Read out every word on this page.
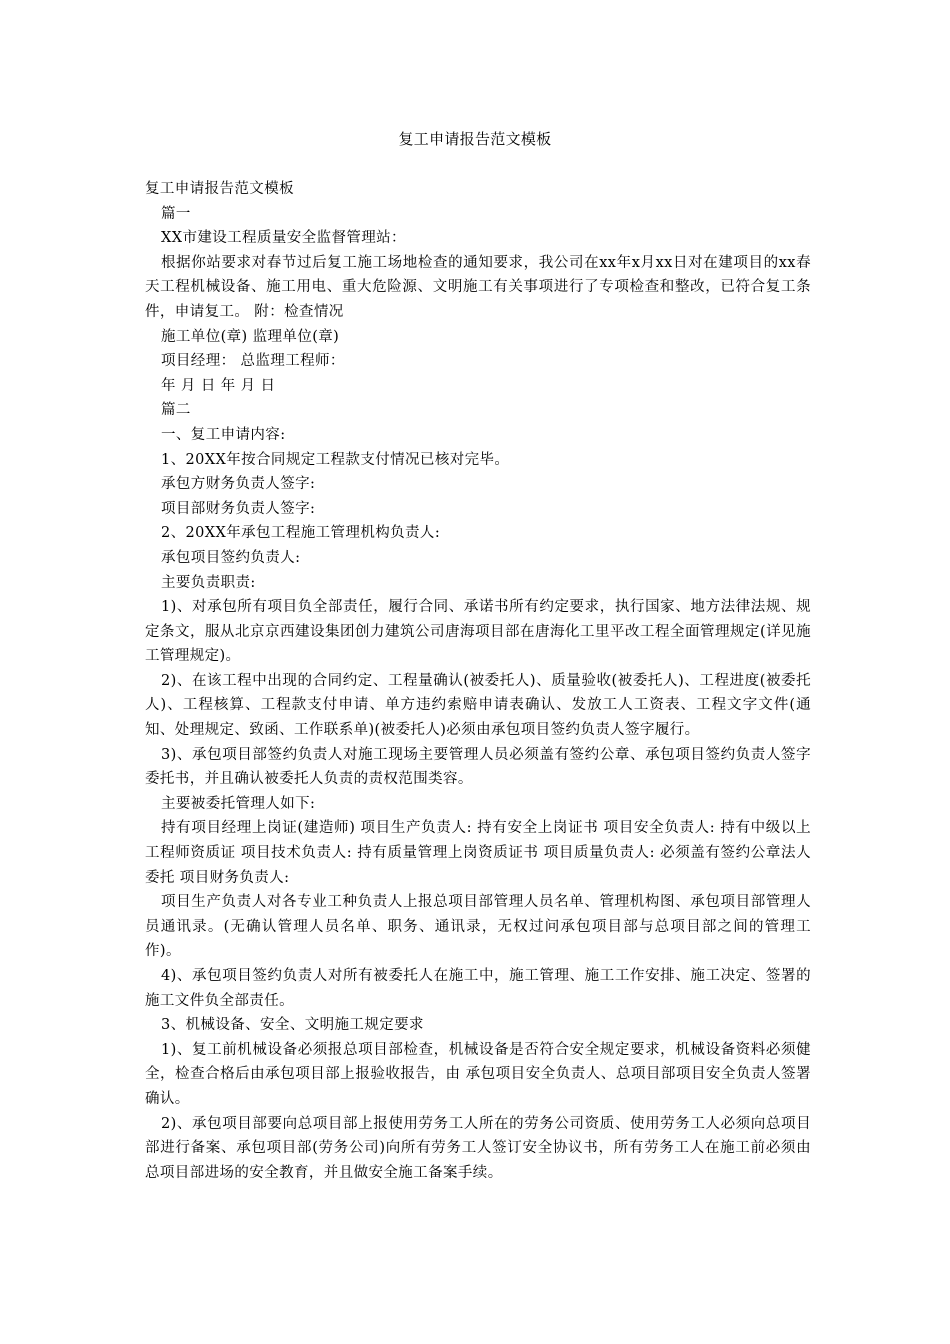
复工申请报告范文模板

复工申请报告范文模板

篇一

XX市建设工程质量安全监督管理站：

根据你站要求对春节过后复工施工场地检查的通知要求，我公司在xx年x月xx日对在建项目的xx春天工程机械设备、施工用电、重大危险源、文明施工有关事项进行了专项检查和整改，已符合复工条件，申请复工。 附：检查情况

施工单位(章) 监理单位(章)

项目经理： 总监理工程师：

年 月 日 年 月 日

篇二

一、复工申请内容:

1、20XX年按合同规定工程款支付情况已核对完毕。

承包方财务负责人签字:

项目部财务负责人签字:

2、20XX年承包工程施工管理机构负责人:

承包项目签约负责人:

主要负责职责:

1)、对承包所有项目负全部责任，履行合同、承诺书所有约定要求，执行国家、地方法律法规、规定条文，服从北京京西建设集团创力建筑公司唐海项目部在唐海化工里平改工程全面管理规定(详见施工管理规定)。

2)、在该工程中出现的合同约定、工程量确认(被委托人)、质量验收(被委托人)、工程进度(被委托人)、工程核算、工程款支付申请、单方违约索赔申请表确认、发放工人工资表、工程文字文件(通知、处理规定、致函、工作联系单)(被委托人)必须由承包项目签约负责人签字履行。

3)、承包项目部签约负责人对施工现场主要管理人员必须盖有签约公章、承包项目签约负责人签字委托书，并且确认被委托人负责的责权范围类容。

主要被委托管理人如下:

持有项目经理上岗证(建造师) 项目生产负责人: 持有安全上岗证书 项目安全负责人: 持有中级以上工程师资质证 项目技术负责人: 持有质量管理上岗资质证书 项目质量负责人: 必须盖有签约公章法人委托 项目财务负责人:

项目生产负责人对各专业工种负责人上报总项目部管理人员名单、管理机构图、承包项目部管理人员通讯录。(无确认管理人员名单、职务、通讯录，无权过问承包项目部与总项目部之间的管理工作)。

4)、承包项目签约负责人对所有被委托人在施工中，施工管理、施工工作安排、施工决定、签署的施工文件负全部责任。

3、机械设备、安全、文明施工规定要求

1)、复工前机械设备必须报总项目部检查，机械设备是否符合安全规定要求，机械设备资料必须健全，检查合格后由承包项目部上报验收报告，由 承包项目安全负责人、总项目部项目安全负责人签署确认。

2)、承包项目部要向总项目部上报使用劳务工人所在的劳务公司资质、使用劳务工人必须向总项目部进行备案、承包项目部(劳务公司)向所有劳务工人签订安全协议书，所有劳务工人在施工前必须由总项目部进场的安全教育，并且做安全施工备案手续。
